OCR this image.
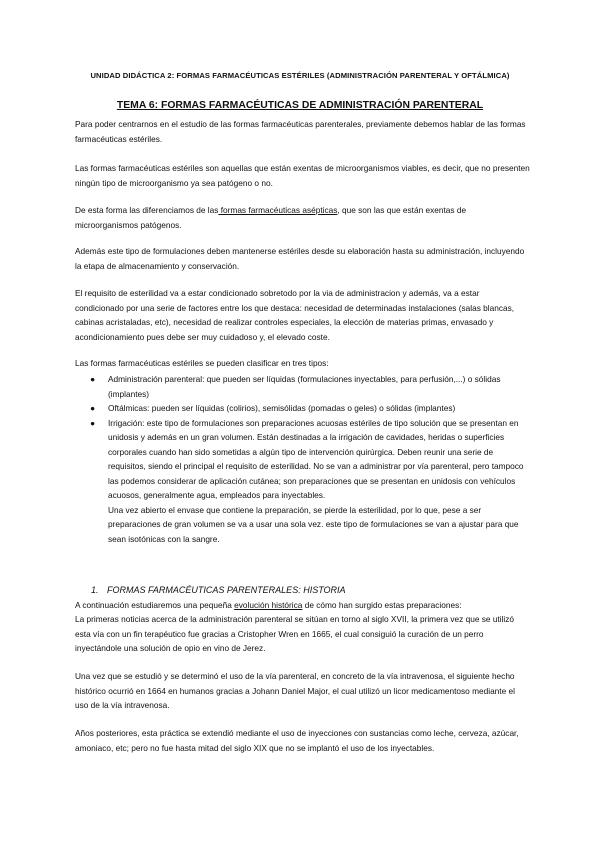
UNIDAD DIDÁCTICA 2: FORMAS FARMACÉUTICAS ESTÉRILES (ADMINISTRACIÓN PARENTERAL Y OFTÁLMICA)
TEMA 6: FORMAS FARMACÉUTICAS DE ADMINISTRACIÓN PARENTERAL

Para poder centrarnos en el estudio de las formas farmacéuticas parenterales, previamente debemos hablar de las formas farmacéuticas estériles.

Las formas farmacéuticas estériles son aquellas que están exentas de microorganismos viables, es decir, que no presenten ningún tipo de microorganismo ya sea patógeno o no.

De esta forma las diferenciamos de las formas farmacéuticas asépticas, que son las que están exentas de microorganismos patógenos.

Además este tipo de formulaciones deben mantenerse estériles desde su elaboración hasta su administración, incluyendo la etapa de almacenamiento y conservación.

El requisito de esterilidad va a estar condicionado sobretodo por la via de administracion y además, va a estar condicionado por una serie de factores entre los que destaca: necesidad de determinadas instalaciones (salas blancas, cabinas acristaladas, etc), necesidad de realizar controles especiales, la elección de materias primas, envasado y acondicionamiento pues debe ser muy cuidadoso y, el elevado coste.

Las formas farmacéuticas estériles se pueden clasificar en tres tipos:

● Administración parenteral: que pueden ser líquidas (formulaciones inyectables, para perfusión,...) o sólidas (implantes)
● Oftálmicas: pueden ser líquidas (colirios), semisólidas (pomadas o geles) o sólidas (implantes)
● Irrigación: este tipo de formulaciones son preparaciones acuosas estériles de tipo solución que se presentan en unidosis y además en un gran volumen. Están destinadas a la irrigación de cavidades, heridas o superficies corporales cuando han sido sometidas a algún tipo de intervención quirúrgica. Deben reunir una serie de requisitos, siendo el principal el requisito de esterilidad. No se van a administrar por vía parenteral, pero tampoco las podemos considerar de aplicación cutánea; son preparaciones que se presentan en unidosis con vehículos acuosos, generalmente agua, empleados para inyectables.
Una vez abierto el envase que contiene la preparación, se pierde la esterilidad, por lo que, pese a ser preparaciones de gran volumen se va a usar una sola vez. este tipo de formulaciones se van a ajustar para que sean isotónicas con la sangre.
1. FORMAS FARMACÉUTICAS PARENTERALES: HISTORIA

A continuación estudiaremos una pequeña evolución histórica de cómo han surgido estas preparaciones:

La primeras noticias acerca de la administración parenteral se sitúan en torno al siglo XVII, la primera vez que se utilizó esta vía con un fin terapéutico fue gracias a Cristopher Wren en 1665, el cual consiguió la curación de un perro inyectándole una solución de opio en vino de Jerez.

Una vez que se estudió y se determinó el uso de la vía parenteral, en concreto de la vía intravenosa, el siguiente hecho histórico ocurrió en 1664 en humanos gracias a Johann Daniel Major, el cual utilizó un licor medicamentoso mediante el uso de la vía intravenosa.

Años posteriores, esta práctica se extendió mediante el uso de inyecciones con sustancias como leche, cerveza, azúcar, amoniaco, etc; pero no fue hasta mitad del siglo XIX que no se implantó el uso de los inyectables.
